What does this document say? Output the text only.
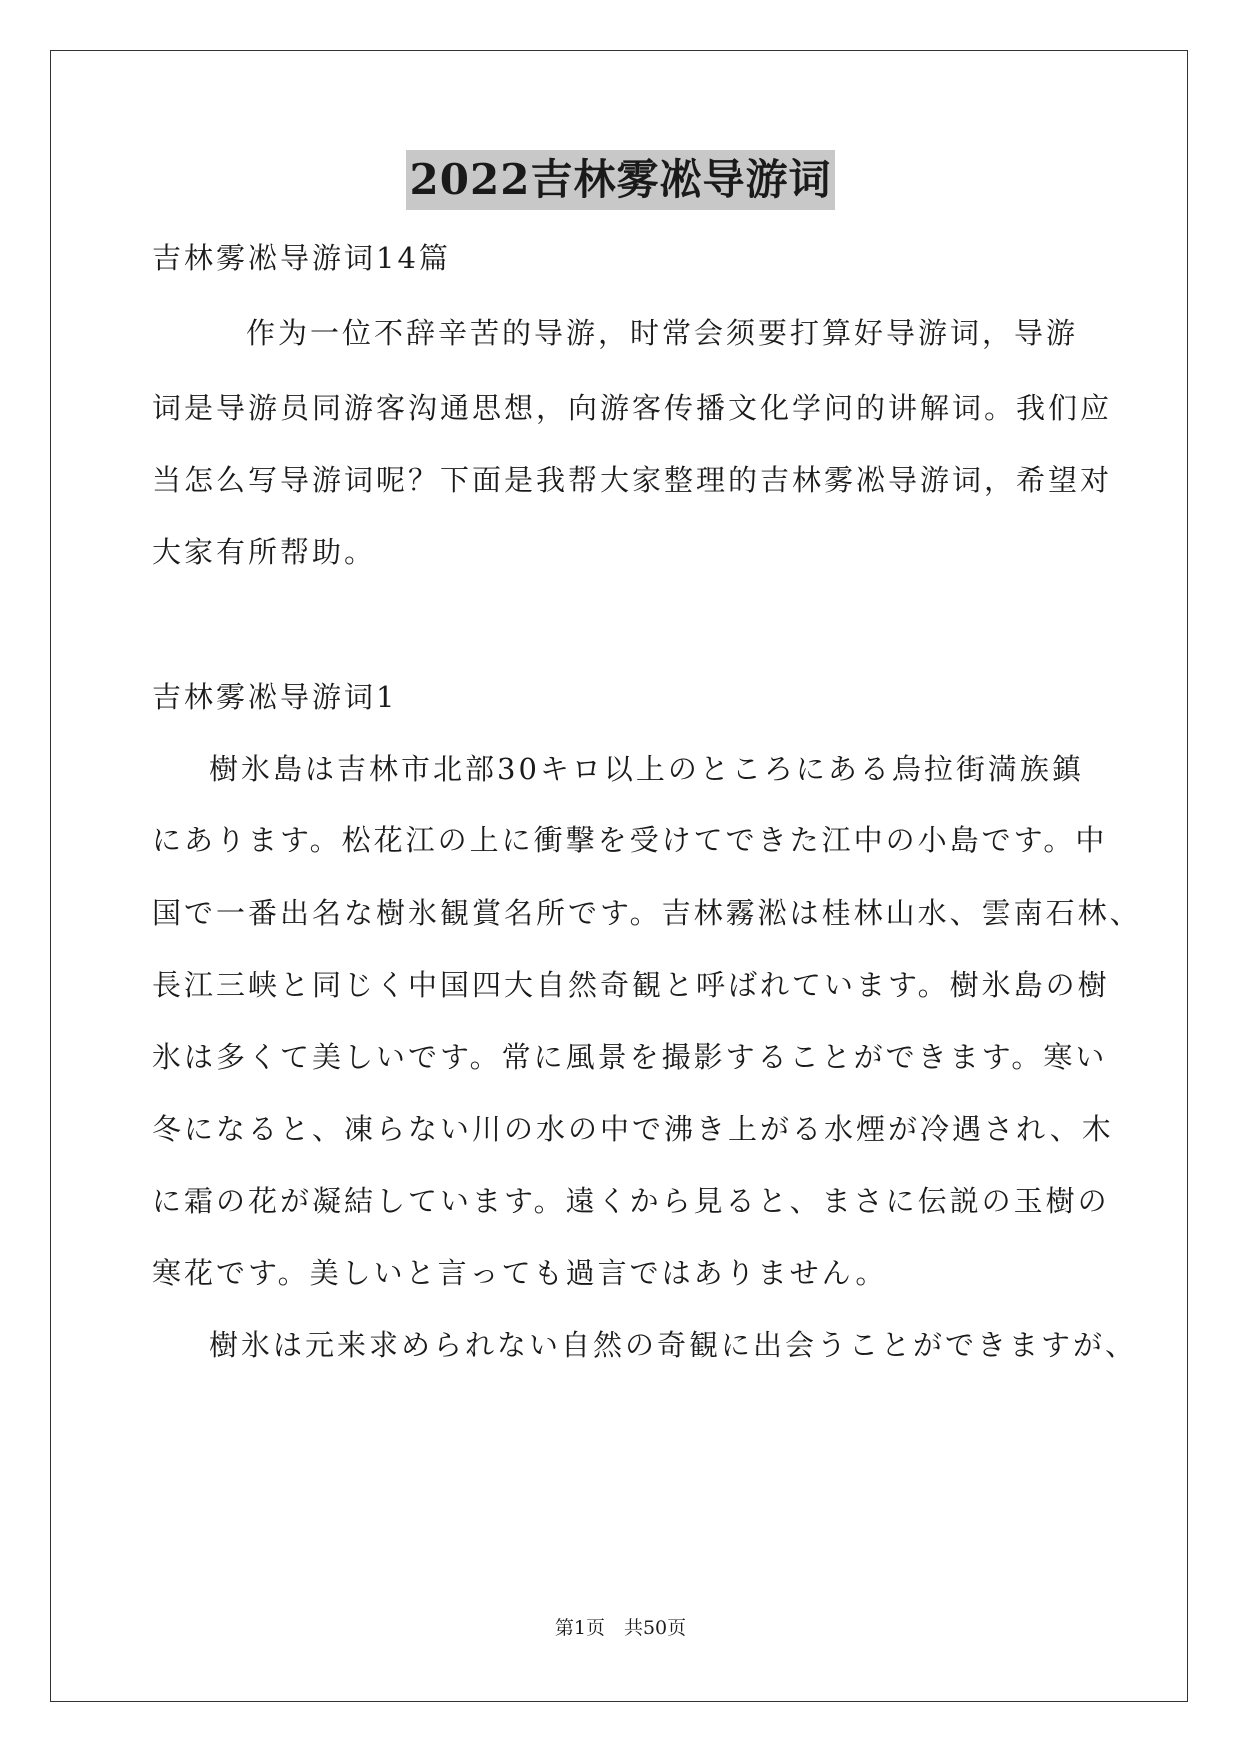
2022吉林雾凇导游词
吉林雾凇导游词14篇
作为一位不辞辛苦的导游，时常会须要打算好导游词，导游
词是导游员同游客沟通思想，向游客传播文化学问的讲解词。我们应
当怎么写导游词呢？下面是我帮大家整理的吉林雾凇导游词，希望对
大家有所帮助。
吉林雾凇导游词1
樹氷島は吉林市北部30キロ以上のところにある烏拉街満族鎮
にあります。松花江の上に衝撃を受けてできた江中の小島です。中
国で一番出名な樹氷観賞名所です。吉林霧淞は桂林山水、雲南石林、
長江三峡と同じく中国四大自然奇観と呼ばれています。樹氷島の樹
氷は多くて美しいです。常に風景を撮影することができます。寒い
冬になると、凍らない川の水の中で沸き上がる水煙が冷遇され、木
に霜の花が凝結しています。遠くから見ると、まさに伝説の玉樹の
寒花です。美しいと言っても過言ではありません。
樹氷は元来求められない自然の奇観に出会うことができますが、
第1页　共50页
